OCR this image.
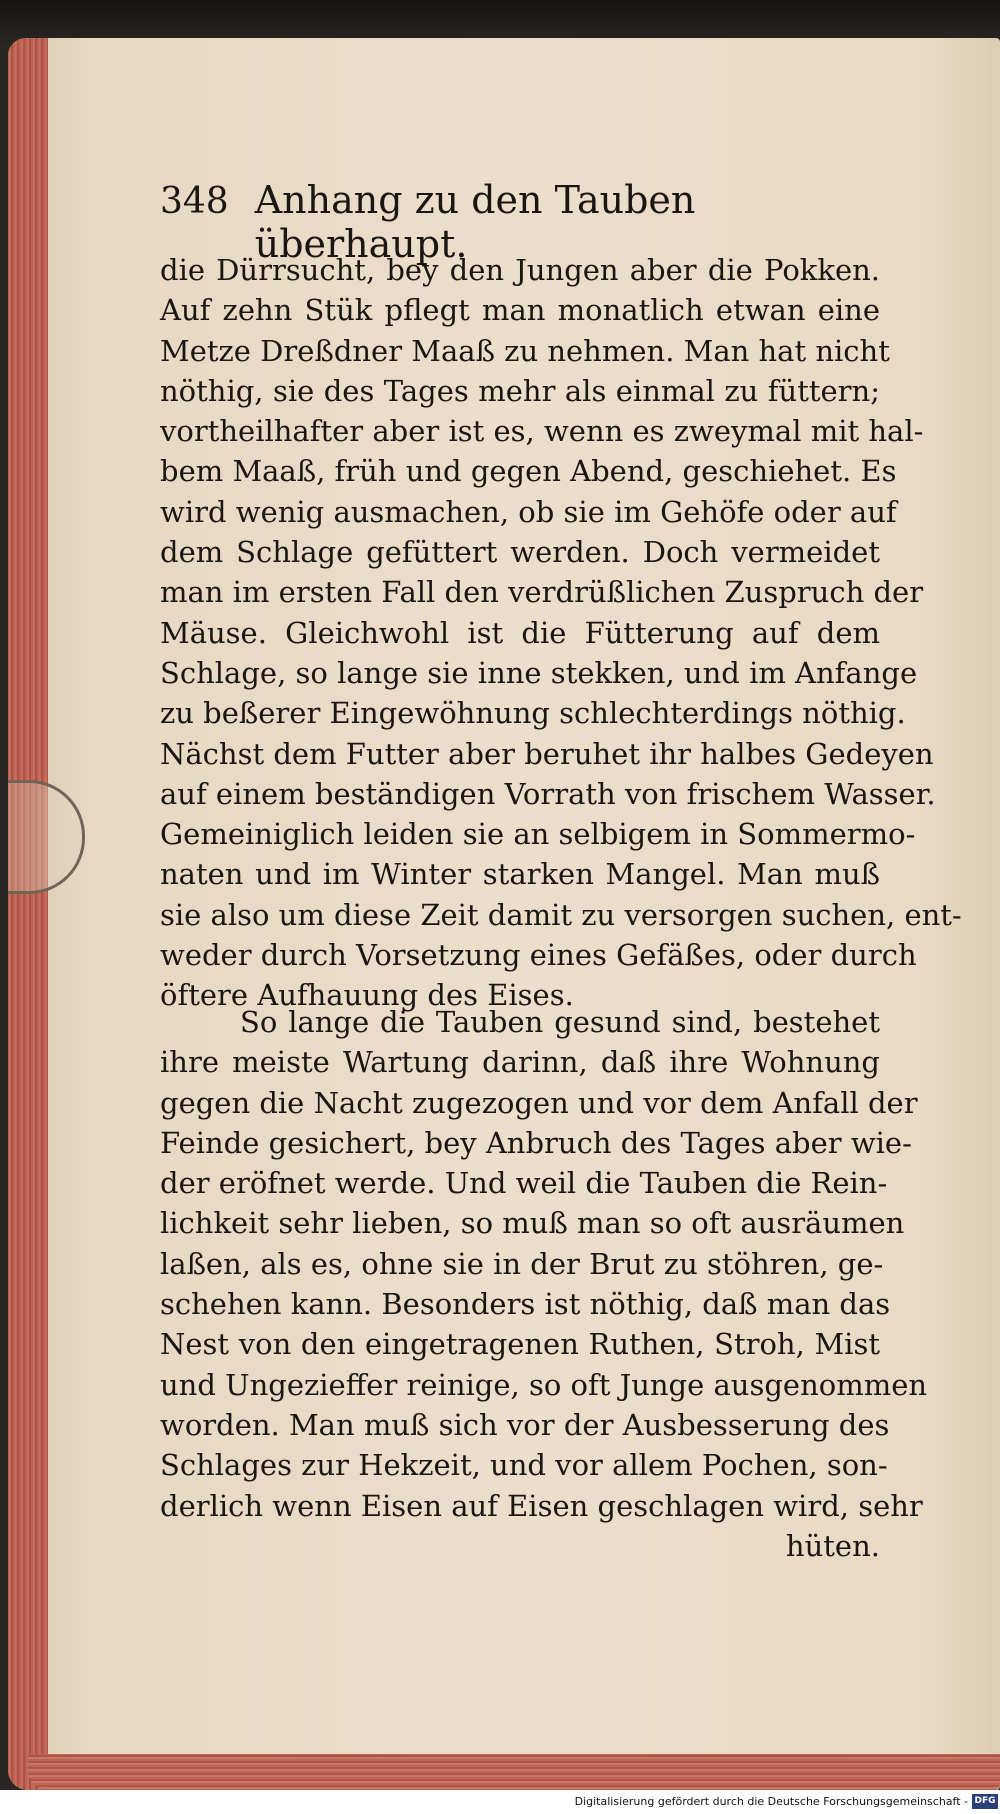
348 Anhang zu den Tauben überhaupt.
die Dürrsucht, bey den Jungen aber die Pokken.
Auf zehn Stük pflegt man monatlich etwan eine
Metze Dreßdner Maaß zu nehmen. Man hat nicht
nöthig, sie des Tages mehr als einmal zu füttern;
vortheilhafter aber ist es, wenn es zweymal mit hal-
bem Maaß, früh und gegen Abend, geschiehet. Es
wird wenig ausmachen, ob sie im Gehöfe oder auf
dem Schlage gefüttert werden. Doch vermeidet
man im ersten Fall den verdrüßlichen Zuspruch der
Mäuse. Gleichwohl ist die Fütterung auf dem
Schlage, so lange sie inne stekken, und im Anfange
zu beßerer Eingewöhnung schlechterdings nöthig.
Nächst dem Futter aber beruhet ihr halbes Gedeyen
auf einem beständigen Vorrath von frischem Wasser.
Gemeiniglich leiden sie an selbigem in Sommermo-
naten und im Winter starken Mangel. Man muß
sie also um diese Zeit damit zu versorgen suchen, ent-
weder durch Vorsetzung eines Gefäßes, oder durch
öftere Aufhauung des Eises.
So lange die Tauben gesund sind, bestehet
ihre meiste Wartung darinn, daß ihre Wohnung
gegen die Nacht zugezogen und vor dem Anfall der
Feinde gesichert, bey Anbruch des Tages aber wie-
der eröfnet werde. Und weil die Tauben die Rein-
lichkeit sehr lieben, so muß man so oft ausräumen
laßen, als es, ohne sie in der Brut zu stöhren, ge-
schehen kann. Besonders ist nöthig, daß man das
Nest von den eingetragenen Ruthen, Stroh, Mist
und Ungezieffer reinige, so oft Junge ausgenommen
worden. Man muß sich vor der Ausbesserung des
Schlages zur Hekzeit, und vor allem Pochen, son-
derlich wenn Eisen auf Eisen geschlagen wird, sehr
hüten.
Digitalisierung gefördert durch die Deutsche Forschungsgemeinschaft - DFG
